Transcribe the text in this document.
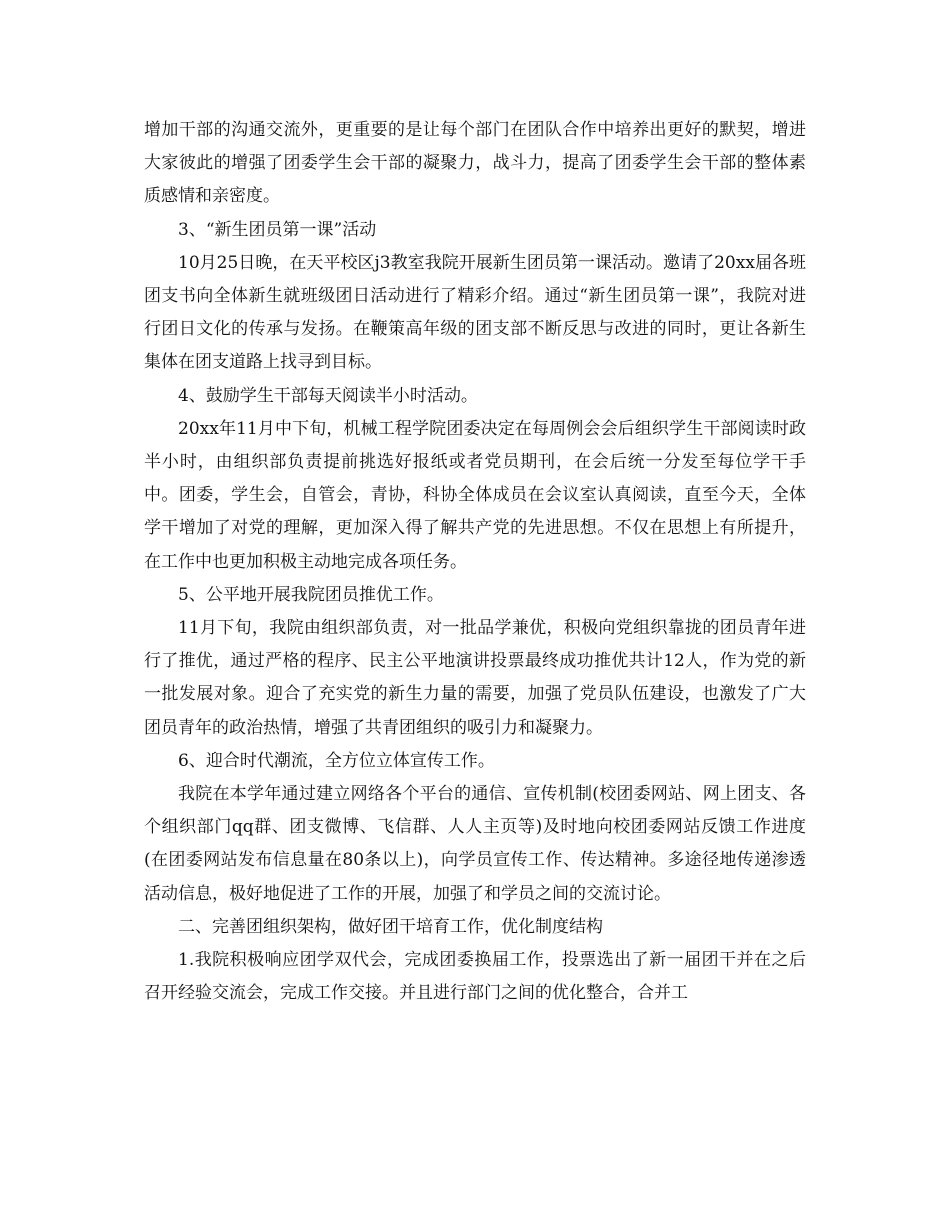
增加干部的沟通交流外，更重要的是让每个部门在团队合作中培养出更好的默契，增进大家彼此的增强了团委学生会干部的凝聚力，战斗力，提高了团委学生会干部的整体素质感情和亲密度。

3、“新生团员第一课”活动

10月25日晚，在天平校区j3教室我院开展新生团员第一课活动。邀请了20xx届各班团支书向全体新生就班级团日活动进行了精彩介绍。通过“新生团员第一课”，我院对进行团日文化的传承与发扬。在鞭策高年级的团支部不断反思与改进的同时，更让各新生集体在团支道路上找寻到目标。

4、鼓励学生干部每天阅读半小时活动。

20xx年11月中下旬，机械工程学院团委决定在每周例会会后组织学生干部阅读时政半小时，由组织部负责提前挑选好报纸或者党员期刊，在会后统一分发至每位学干手中。团委，学生会，自管会，青协，科协全体成员在会议室认真阅读，直至今天，全体学干增加了对党的理解，更加深入得了解共产党的先进思想。不仅在思想上有所提升，在工作中也更加积极主动地完成各项任务。

5、公平地开展我院团员推优工作。

11月下旬，我院由组织部负责，对一批品学兼优，积极向党组织靠拢的团员青年进行了推优，通过严格的程序、民主公平地演讲投票最终成功推优共计12人，作为党的新一批发展对象。迎合了充实党的新生力量的需要，加强了党员队伍建设，也激发了广大团员青年的政治热情，增强了共青团组织的吸引力和凝聚力。

6、迎合时代潮流，全方位立体宣传工作。

我院在本学年通过建立网络各个平台的通信、宣传机制(校团委网站、网上团支、各个组织部门qq群、团支微博、飞信群、人人主页等)及时地向校团委网站反馈工作进度(在团委网站发布信息量在80条以上)，向学员宣传工作、传达精神。多途径地传递渗透活动信息，极好地促进了工作的开展，加强了和学员之间的交流讨论。

二、完善团组织架构，做好团干培育工作，优化制度结构

1.我院积极响应团学双代会，完成团委换届工作，投票选出了新一届团干并在之后召开经验交流会，完成工作交接。并且进行部门之间的优化整合，合并工
